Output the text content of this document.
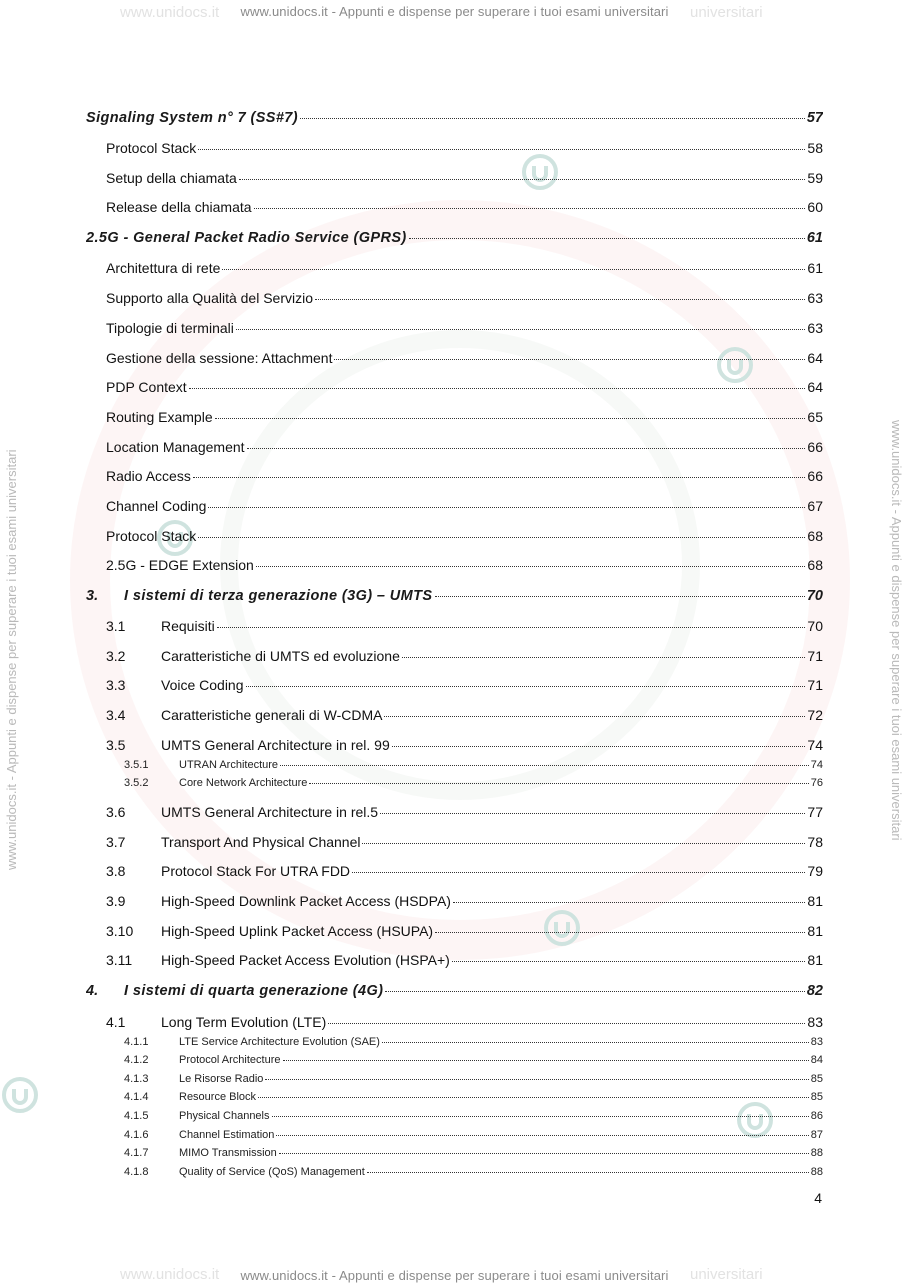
www.unidocs.it	universitari
www.unidocs.it	universitari
www.unidocs.it - Appunti e dispense per superare i tuoi esami universitari
www.unidocs.it - Appunti e dispense per superare i tuoi esami universitari
www.unidocs.it - Appunti e dispense per superare i tuoi esami universitari	www.unidocs.it - Appunti e dispense per superare i tuoi esami universitari
Signaling System n° 7 (SS#7)	57
Protocol Stack	58
Setup della chiamata	59
Release della chiamata	60
2.5G - General Packet Radio Service (GPRS)	61
Architettura di rete	61
Supporto alla Qualità del Servizio	63
Tipologie di terminali	63
Gestione della sessione: Attachment	64
PDP Context	64
Routing Example	65
Location Management	66
Radio Access	66
Channel Coding	67
Protocol Stack	68
2.5G - EDGE Extension	68
3.	I sistemi di terza generazione (3G) – UMTS	70
3.1	Requisiti	70
3.2	Caratteristiche di UMTS ed evoluzione	71
3.3	Voice Coding	71
3.4	Caratteristiche generali di W-CDMA	72
3.5	UMTS General Architecture in rel. 99	74
3.5.1	UTRAN Architecture	74
3.5.2	Core Network Architecture	76
3.6	UMTS General Architecture in rel.5	77
3.7	Transport And Physical Channel	78
3.8	Protocol Stack For UTRA FDD	79
3.9	High-Speed Downlink Packet Access (HSDPA)	81
3.10	High-Speed Uplink Packet Access (HSUPA)	81
3.11	High-Speed Packet Access Evolution (HSPA+)	81
4.	I sistemi di quarta generazione (4G)	82
4.1	Long Term Evolution (LTE)	83
4.1.1	LTE Service Architecture Evolution (SAE)	83
4.1.2	Protocol Architecture	84
4.1.3	Le Risorse Radio	85
4.1.4	Resource Block	85
4.1.5	Physical Channels	86
4.1.6	Channel Estimation	87
4.1.7	MIMO Transmission	88
4.1.8	Quality of Service (QoS) Management	88
4
